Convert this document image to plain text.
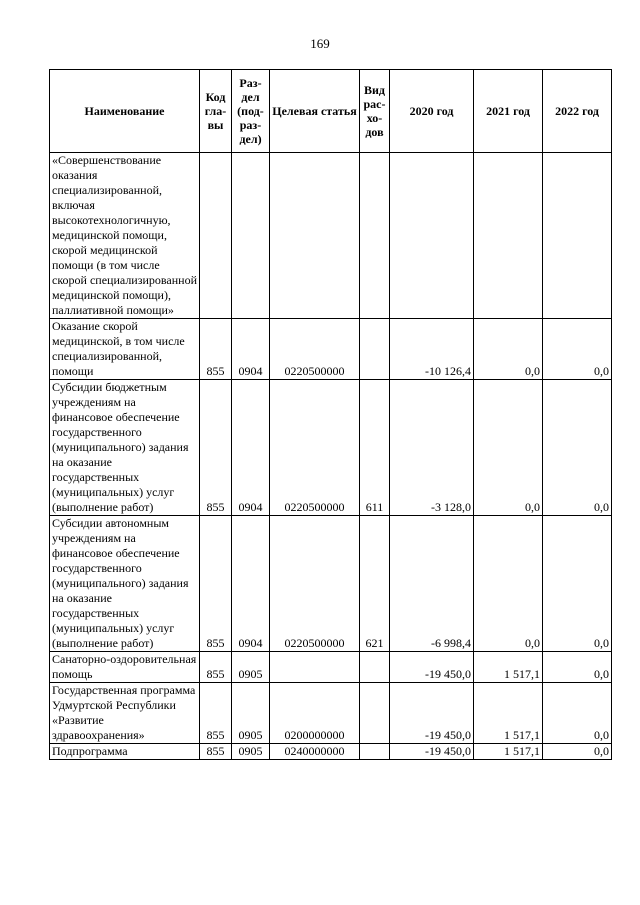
169
Наименование	Код гла- вы	Раз- дел (под- раз- дел)	Целевая статья	Вид рас- хо- дов	2020 год	2021 год	2022 год
«Совершенствование оказания специализированной, включая высокотехнологичную, медицинской помощи, скорой медицинской помощи (в том числе скорой специализированной медицинской помощи), паллиативной помощи»							
Оказание скорой медицинской, в том числе специализированной, помощи	855	0904	0220500000		-10 126,4	0,0	0,0
Субсидии бюджетным учреждениям на финансовое обеспечение государственного (муниципального) задания на оказание государственных (муниципальных) услуг (выполнение работ)	855	0904	0220500000	611	-3 128,0	0,0	0,0
Субсидии автономным учреждениям на финансовое обеспечение государственного (муниципального) задания на оказание государственных (муниципальных) услуг (выполнение работ)	855	0904	0220500000	621	-6 998,4	0,0	0,0
Санаторно-оздоровительная помощь	855	0905			-19 450,0	1 517,1	0,0
Государственная программа Удмуртской Республики «Развитие здравоохранения»	855	0905	0200000000		-19 450,0	1 517,1	0,0
Подпрограмма	855	0905	0240000000		-19 450,0	1 517,1	0,0
